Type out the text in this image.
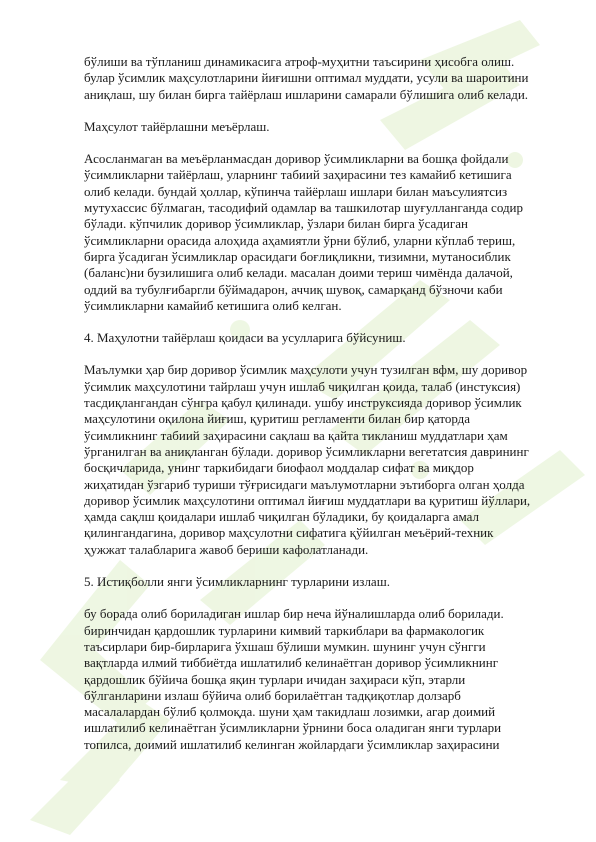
бўлиши ва тўпланиш динамикасига атроф-муҳитни таъсирини ҳисобга олиш. булар ўсимлик маҳсулотларини йиғишни оптимал муддати, усули ва шароитини аниқлаш, шу билан бирга тайёрлаш ишларини самарали бўлишига олиб келади.

Маҳсулот тайёрлашни меъёрлаш.

Асосланмаган ва меъёрланмасдан доривор ўсимликларни ва бошқа фойдали ўсимликларни тайёрлаш, уларнинг табиий заҳирасини тез камайиб кетишига олиб келади. бундай ҳоллар, кўпинча тайёрлаш ишлари билан маъсулиятсиз мутухассис бўлмаган, тасодифий одамлар ва ташкилотар шуғулланганда содир бўлади. кўпчилик доривор ўсимликлар, ўзлари билан бирга ўсадиган ўсимликларни орасида алоҳида аҳамиятли ўрни бўлиб, уларни кўплаб териш, бирга ўсадиган ўсимликлар орасидаги боғлиқликни, тизимни, мутаносиблик (баланс)ни бузилишига олиб келади. масалан доими териш чимёнда далачой, оддий ва тубулғибаргли бўймадарон, аччиқ шувоқ, самарқанд бўзночи каби ўсимликларни камайиб кетишига олиб келган.

4. Маҳулотни тайёрлаш қоидаси ва усулларига бўйсуниш.

Маълумки ҳар бир доривор ўсимлик маҳсулоти учун тузилган вфм, шу доривор ўсимлик маҳсулотини тайрлаш учун ишлаб чиқилган қоида, талаб (инстуксия) тасдиқлангандан сўнгра қабул қилинади. ушбу инструксияда доривор ўсимлик маҳсулотини оқилона йиғиш, қуритиш регламенти билан бир қаторда ўсимликнинг табиий заҳирасини сақлаш ва қайта тикланиш муддатлари ҳам ўрганилган ва аниқланган бўлади. доривор ўсимликларни вегетатсия даврининг босқичларида, унинг таркибидаги биофаол моддалар сифат ва миқдор жиҳатидан ўзгариб туриши тўғрисидаги маълумотларни эътиборга олган ҳолда доривор ўсимлик маҳсулотини оптимал йиғиш муддатлари ва қуритиш йўллари, ҳамда сақлш қоидалари ишлаб чиқилган бўладики, бу қоидаларга амал қилингандагина, доривор маҳсулотни сифатига қўйилган меъёрий-техник ҳужжат талабларига жавоб бериши кафолатланади.

5. Истиқболли янги ўсимликларнинг турларини излаш.

бу борада олиб бориладиган ишлар бир неча йўналишларда олиб борилади. биринчидан қардошлик турларини кимвий таркиблари ва фармакологик таъсирлари бир-бирларига ўхшаш бўлиши мумкин. шунинг учун сўнгги вақтларда илмий тиббиётда ишлатилиб келинаётган доривор ўсимликнинг қардошлик бўйича бошқа яқин турлари ичидан заҳираси кўп, этарли бўлганларини излаш бўйича олиб борилаётган тадқиқотлар долзарб масалалардан бўлиб қолмоқда. шуни ҳам такидлаш лозимки, агар доимий ишлатилиб келинаётган ўсимликларни ўрнини боса оладиган янги турлари топилса, доимий ишлатилиб келинган жойлардаги ўсимликлар заҳирасини
